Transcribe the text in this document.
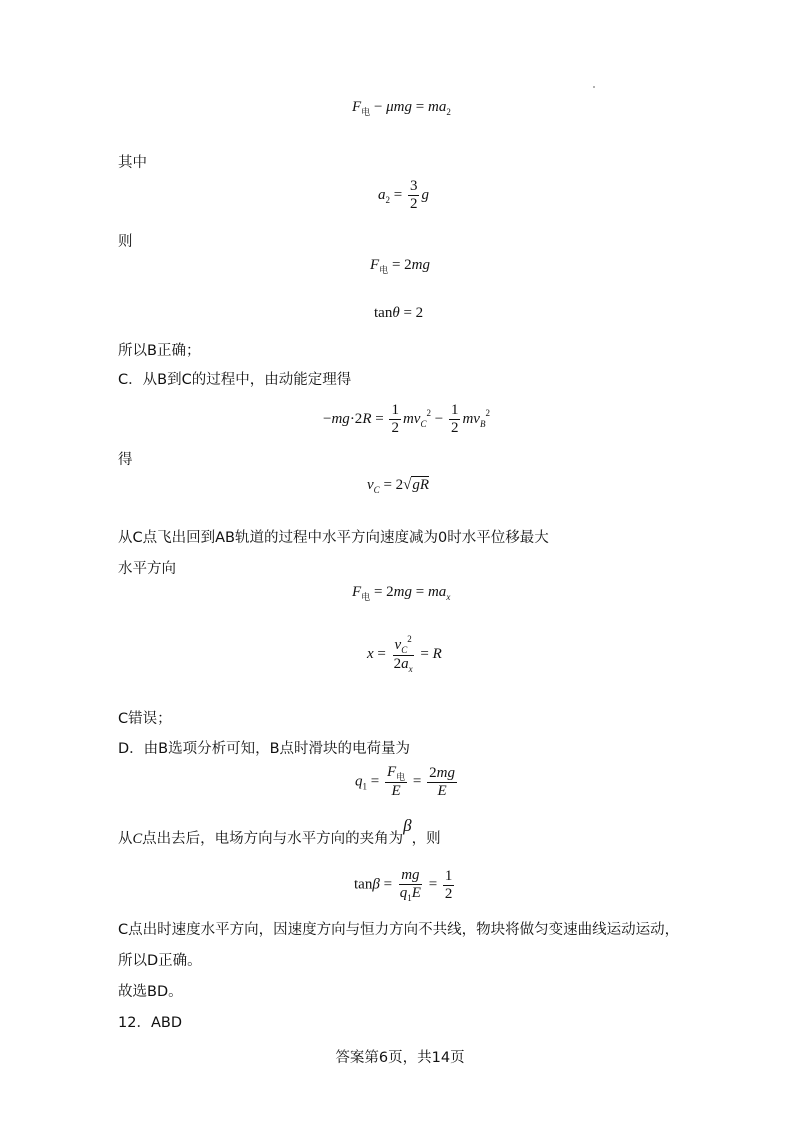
$F_电 - \mu mg = ma_2$
其中
$a_2 = \frac{3}{2}$ g
则
$F_电 = 2mg$
tanθ = 2
所以B正确；
C．从B到C的过程中，由动能定理得
$-mg\cdot 2R = \frac{1}{2} mv_C^2 - \frac{1}{2} mv_B^2$
得
$v_C = 2√gR$
从C点飞出回到AB轨道的过程中水平方向速度减为0时水平位移最大
水平方向
$F_电 = 2mg = ma_x$
$x = \frac{v_C^2}{2a_x} = R$
C错误；
D．由B选项分析可知，B点时滑块的电荷量为
$q_1 = \frac{F_电}{E} = \frac{2mg}{E}$
从C点出去后，电场方向与水平方向的夹角为β，则
$\tan\beta = \frac{mg}{q_1E} = \frac{1}{2}$
C点出时速度水平方向，因速度方向与恒力方向不共线，物块将做匀变速曲线运动运动，
所以D正确。
故选BD。
12．ABD
答案第6页，共14页
